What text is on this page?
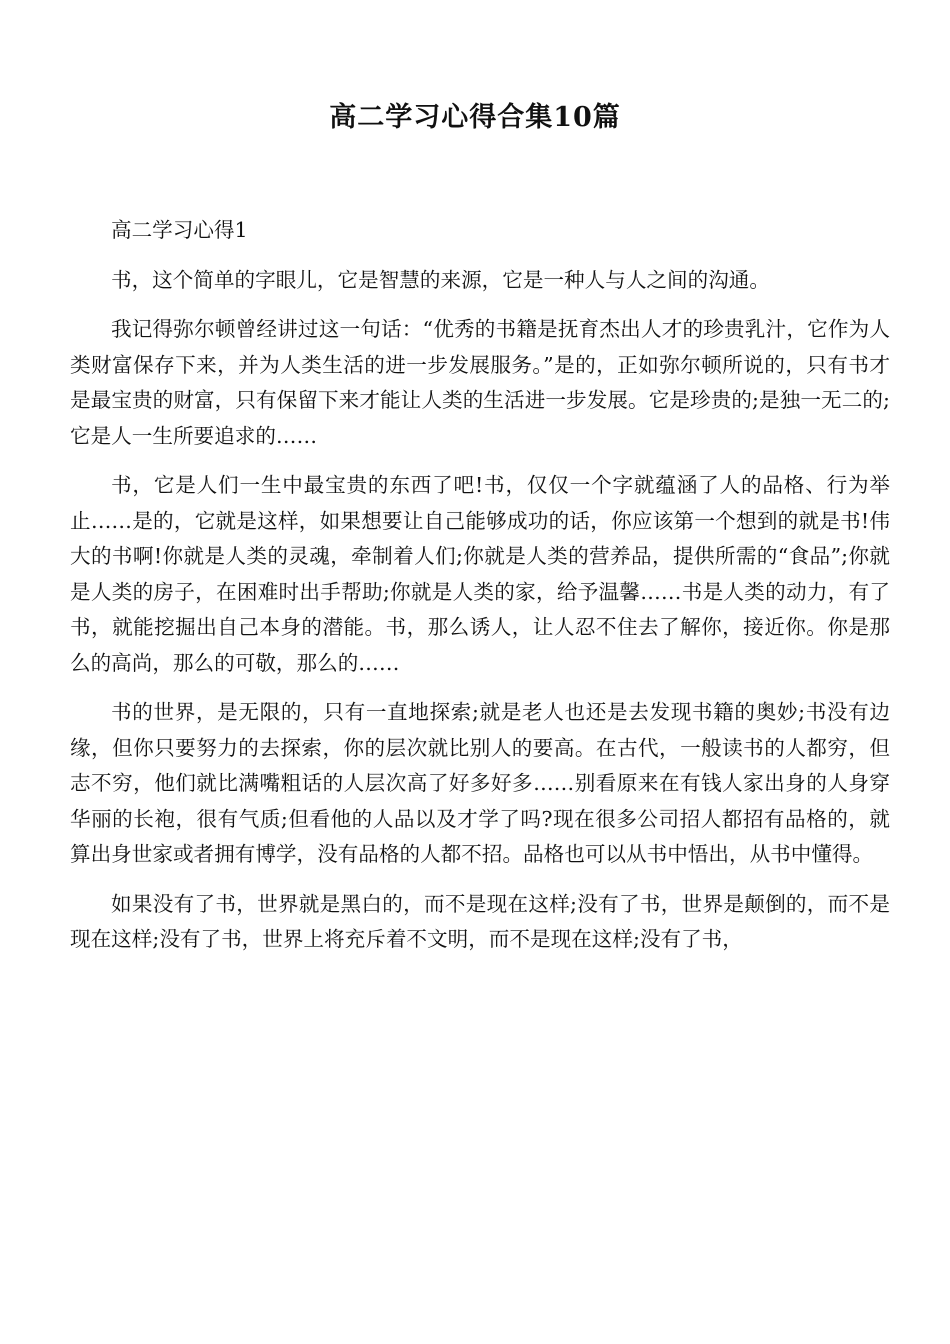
高二学习心得合集10篇
高二学习心得1

书，这个简单的字眼儿，它是智慧的来源，它是一种人与人之间的沟通。

我记得弥尔顿曾经讲过这一句话：“优秀的书籍是抚育杰出人才的珍贵乳汁，它作为人类财富保存下来，并为人类生活的进一步发展服务。”是的，正如弥尔顿所说的，只有书才是最宝贵的财富，只有保留下来才能让人类的生活进一步发展。它是珍贵的;是独一无二的;它是人一生所要追求的……

书，它是人们一生中最宝贵的东西了吧!书，仅仅一个字就蕴涵了人的品格、行为举止……是的，它就是这样，如果想要让自己能够成功的话，你应该第一个想到的就是书!伟大的书啊!你就是人类的灵魂，牵制着人们;你就是人类的营养品，提供所需的“食品”;你就是人类的房子，在困难时出手帮助;你就是人类的家，给予温馨……书是人类的动力，有了书，就能挖掘出自己本身的潜能。书，那么诱人，让人忍不住去了解你，接近你。你是那么的高尚，那么的可敬，那么的……

书的世界，是无限的，只有一直地探索;就是老人也还是去发现书籍的奥妙;书没有边缘，但你只要努力的去探索，你的层次就比别人的要高。在古代，一般读书的人都穷，但志不穷，他们就比满嘴粗话的人层次高了好多好多……别看原来在有钱人家出身的人身穿华丽的长袍，很有气质;但看他的人品以及才学了吗?现在很多公司招人都招有品格的，就算出身世家或者拥有博学，没有品格的人都不招。品格也可以从书中悟出，从书中懂得。

如果没有了书，世界就是黑白的，而不是现在这样;没有了书，世界是颠倒的，而不是现在这样;没有了书，世界上将充斥着不文明，而不是现在这样;没有了书，
